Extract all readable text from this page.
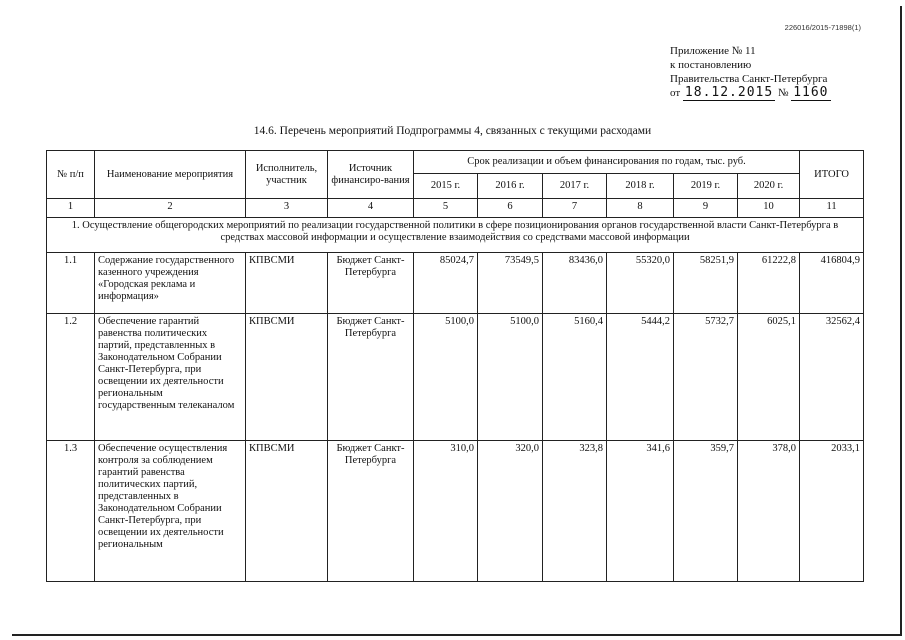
226016/2015-71898(1)
Приложение № 11
к постановлению
Правительства Санкт-Петербурга
от 18.12.2015 № 1160
14.6. Перечень мероприятий Подпрограммы 4, связанных с текущими расходами
№ п/п	Наименование мероприятия	Исполнитель, участник	Источник финансиро-вания	Срок реализации и объем финансирования по годам, тыс. руб.						ИТОГО
				2015 г.	2016 г.	2017 г.	2018 г.	2019 г.	2020 г.	
1	2	3	4	5	6	7	8	9	10	11
1. Осуществление общегородских мероприятий по реализации государственной политики в сфере позиционирования органов государственной власти Санкт-Петербурга в средствах массовой информации и осуществление взаимодействия со средствами массовой информации										
1.1	Содержание государственного казенного учреждения «Городская реклама и информация»	КПВСМИ	Бюджет Санкт-Петербурга	85024,7	73549,5	83436,0	55320,0	58251,9	61222,8	416804,9
1.2	Обеспечение гарантий равенства политических партий, представленных в Законодательном Собрании Санкт-Петербурга, при освещении их деятельности региональным государственным телеканалом	КПВСМИ	Бюджет Санкт-Петербурга	5100,0	5100,0	5160,4	5444,2	5732,7	6025,1	32562,4
1.3	Обеспечение осуществления контроля за соблюдением гарантий равенства политических партий, представленных в Законодательном Собрании Санкт-Петербурга, при освещении их деятельности региональным	КПВСМИ	Бюджет Санкт-Петербурга	310,0	320,0	323,8	341,6	359,7	378,0	2033,1
